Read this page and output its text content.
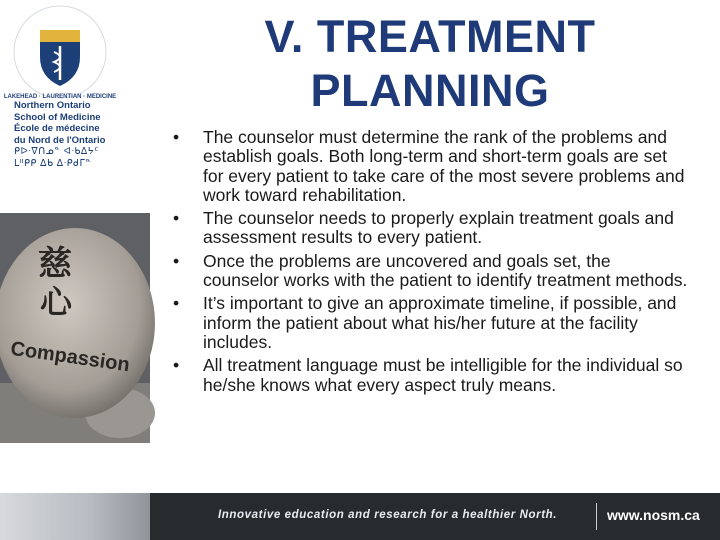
LAKEHEAD · LAURENTIAN · MEDICINE
Northern Ontario
School of Medicine
École de médecine
du Nord de l'Ontario
ᑭᐅᐧᐁᑎᓄᓐ ᐊᐧᑲᐃᔭᑦ
ᒪᐦᑭᑭ ᐃᑲ ᐃᐧᑭᑯᒥᓐ
慈
心
Compassion
V. TREATMENT
PLANNING
• The counselor must determine the rank of the problems and establish goals. Both long-term and short-term goals are set for every patient to take care of the most severe problems and work toward rehabilitation.
• The counselor needs to properly explain treatment goals and assessment results to every patient.
• Once the problems are uncovered and goals set, the counselor works with the patient to identify treatment methods.
• It’s important to give an approximate timeline, if possible, and inform the patient about what his/her future at the facility includes.
• All treatment language must be intelligible for the individual so he/she knows what every aspect truly means.
Innovative education and research for a healthier North.	www.nosm.ca
